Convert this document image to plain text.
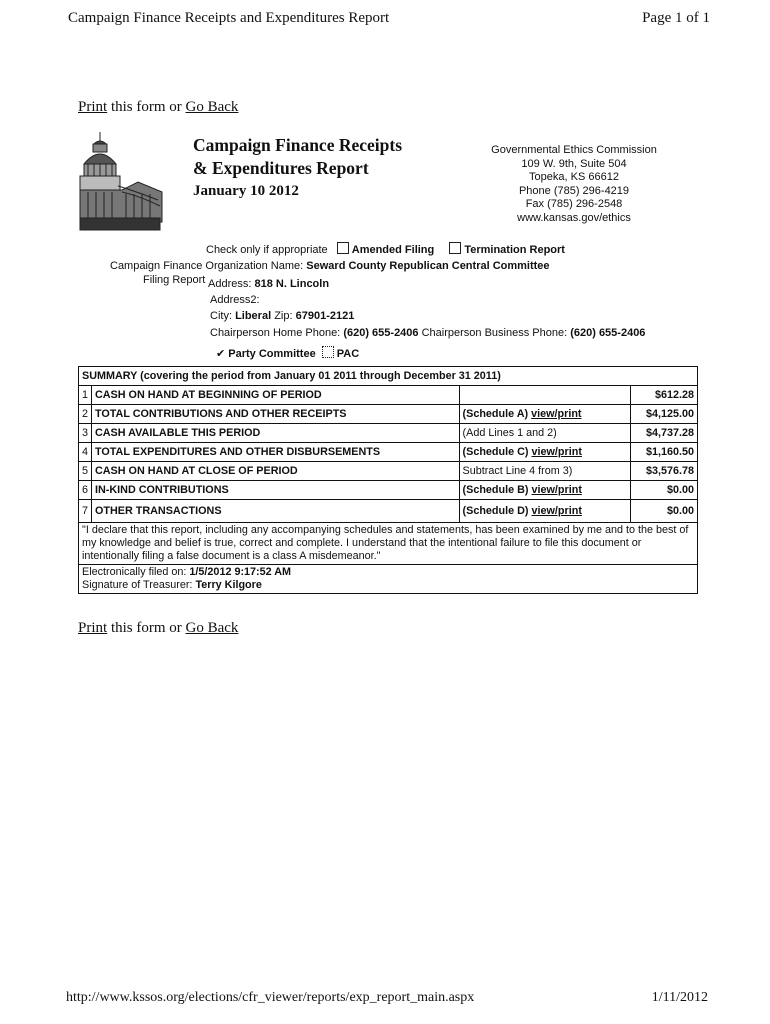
Campaign Finance Receipts and Expenditures Report	Page 1 of 1
Print this form or Go Back
Campaign Finance Receipts
& Expenditures Report
January 10 2012
Governmental Ethics Commission
109 W. 9th, Suite 504
Topeka, KS 66612
Phone (785) 296-4219
Fax (785) 296-2548
www.kansas.gov/ethics
Check only if appropriate Amended Filing	Termination Report
Campaign Finance Organization Name: Seward County Republican Central Committee
Filing Report Address: 818 N. Lincoln
Address2:
City: Liberal Zip: 67901-2121
Chairperson Home Phone: (620) 655-2406 Chairperson Business Phone: (620) 655-2406
✔ Party Committee PAC
SUMMARY (covering the period from January 01 2011 through December 31 2011)			
1	CASH ON HAND AT BEGINNING OF PERIOD		$612.28
2	TOTAL CONTRIBUTIONS AND OTHER RECEIPTS	(Schedule A) view/print	$4,125.00
3	CASH AVAILABLE THIS PERIOD	(Add Lines 1 and 2)	$4,737.28
4	TOTAL EXPENDITURES AND OTHER DISBURSEMENTS	(Schedule C) view/print	$1,160.50
5	CASH ON HAND AT CLOSE OF PERIOD	Subtract Line 4 from 3)	$3,576.78
6	IN-KIND CONTRIBUTIONS	(Schedule B) view/print	$0.00
7	OTHER TRANSACTIONS	(Schedule D) view/print	$0.00
"I declare that this report, including any accompanying schedules and statements, has been examined by me and to the best of my knowledge and belief is true, correct and complete. I understand that the intentional failure to file this document or intentionally filing a false document is a class A misdemeanor."			

Electronically filed on: 1/5/2012 9:17:52 AM
Signature of Treasurer: Terry Kilgore			
Print this form or Go Back
http://www.kssos.org/elections/cfr_viewer/reports/exp_report_main.aspx	1/11/2012
